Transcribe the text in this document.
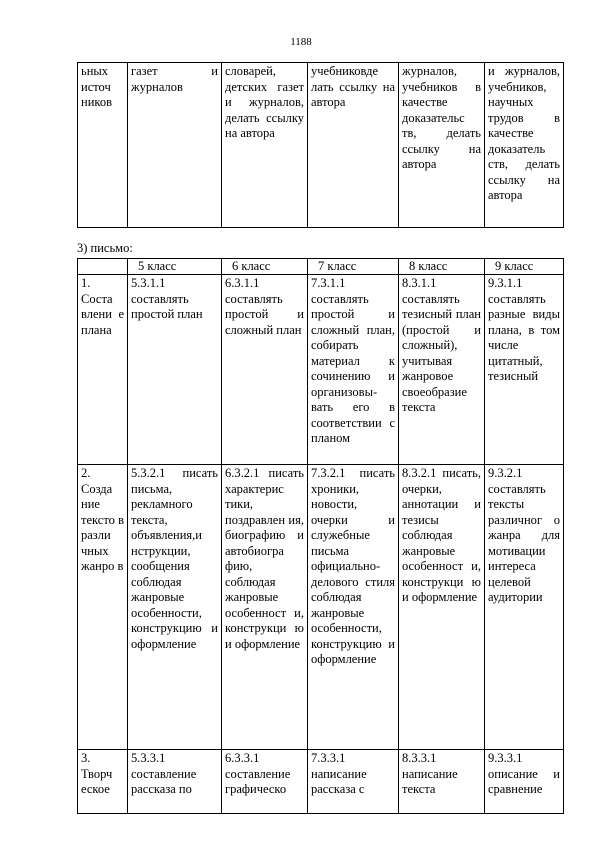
1188
ьных источ ников	газет и журналов	словарей, детских газет и журналов, делать ссылку на автора	учебниковде лать ссылку на автора	журналов, учебников в качестве доказательс тв, делать ссылку на автора	и журналов, учебников, научных трудов в качестве доказатель ств, делать ссылку на автора
3) письмо:
	5 класс	6 класс	7 класс	8 класс	9 класс
1. Соста влени е плана	5.3.1.1 составлять простой план	6.3.1.1 составлять простой и сложный план	7.3.1.1 составлять простой и сложный план, собирать материал к сочинению и организовы- вать его в соответствии с планом	8.3.1.1 составлять тезисный план (простой и сложный), учитывая жанровое своеобразие текста	9.3.1.1 составлять разные виды плана, в том числе цитатный, тезисный
2. Созда ние тексто в разли чных жанро в	5.3.2.1 писать письма, рекламного текста, объявления,и нструкции, сообщения соблюдая жанровые особенности, конструкцию и оформление	6.3.2.1 писать характерис тики, поздравлен ия, биографию и автобиогра фию, соблюдая жанровые особенност и, конструкци ю и оформление	7.3.2.1 писать хроники, новости, очерки и служебные письма официально- делового стиля соблюдая жанровые особенности, конструкцию и оформление	8.3.2.1 писать, очерки, аннотации и тезисы соблюдая жанровые особенност и, конструкци ю и оформление	9.3.2.1 составлять тексты различног о жанра для мотивации интереса целевой аудитории
3. Творч еское	5.3.3.1 составление рассказа по	6.3.3.1 составление графическо	7.3.3.1 написание рассказа с	8.3.3.1 написание текста	9.3.3.1 описание и сравнение
